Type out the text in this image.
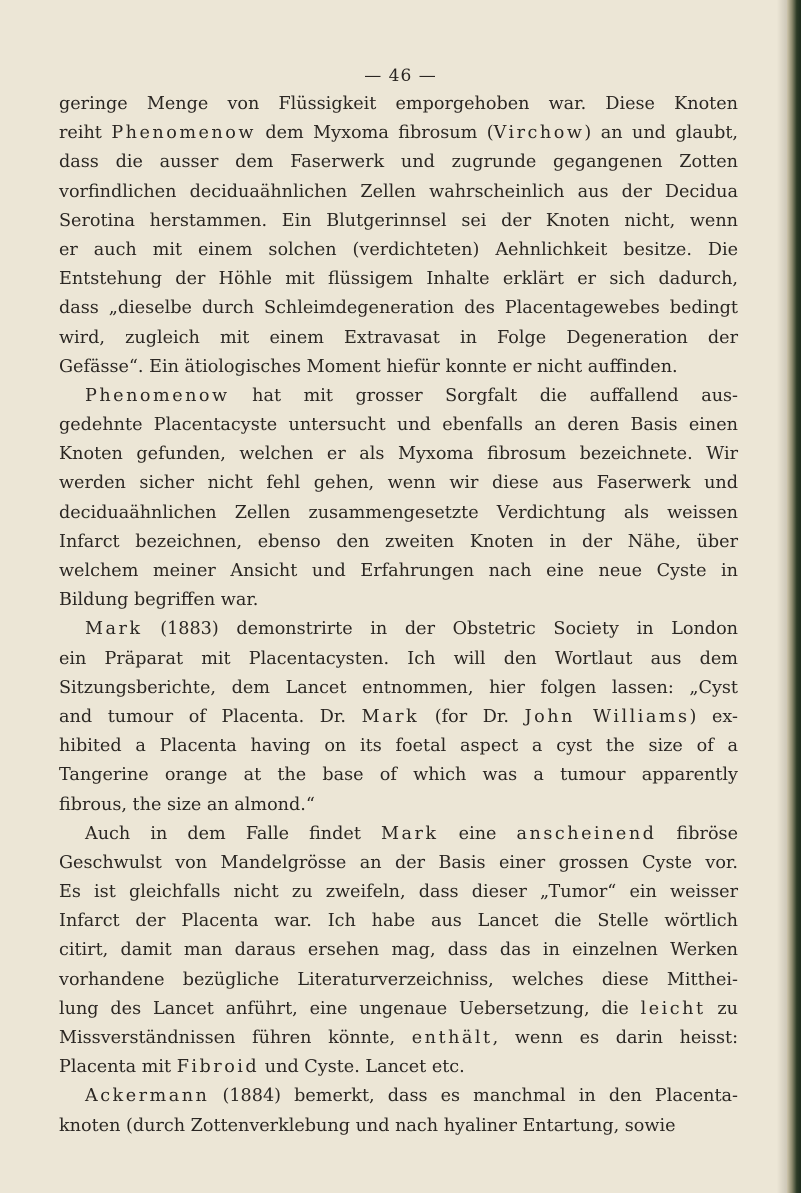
— 46 —
geringe Menge von Flüssigkeit emporgehoben war. Diese Knoten
reiht Phenomenow dem Myxoma fibrosum (Virchow) an und glaubt,
dass die ausser dem Faserwerk und zugrunde gegangenen Zotten
vorfindlichen deciduaähnlichen Zellen wahrscheinlich aus der Decidua
Serotina herstammen. Ein Blutgerinnsel sei der Knoten nicht, wenn
er auch mit einem solchen (verdichteten) Aehnlichkeit besitze. Die
Entstehung der Höhle mit flüssigem Inhalte erklärt er sich dadurch,
dass „dieselbe durch Schleimdegeneration des Placentagewebes bedingt
wird, zugleich mit einem Extravasat in Folge Degeneration der
Gefässe“. Ein ätiologisches Moment hiefür konnte er nicht auffinden.
Phenomenow hat mit grosser Sorgfalt die auffallend aus-
gedehnte Placentacyste untersucht und ebenfalls an deren Basis einen
Knoten gefunden, welchen er als Myxoma fibrosum bezeichnete. Wir
werden sicher nicht fehl gehen, wenn wir diese aus Faserwerk und
deciduaähnlichen Zellen zusammengesetzte Verdichtung als weissen
Infarct bezeichnen, ebenso den zweiten Knoten in der Nähe, über
welchem meiner Ansicht und Erfahrungen nach eine neue Cyste in
Bildung begriffen war.
Mark (1883) demonstrirte in der Obstetric Society in London
ein Präparat mit Placentacysten. Ich will den Wortlaut aus dem
Sitzungsberichte, dem Lancet entnommen, hier folgen lassen: „Cyst
and tumour of Placenta. Dr. Mark (for Dr. John Williams) ex-
hibited a Placenta having on its foetal aspect a cyst the size of a
Tangerine orange at the base of which was a tumour apparently
fibrous, the size an almond.“
Auch in dem Falle findet Mark eine anscheinend fibröse
Geschwulst von Mandelgrösse an der Basis einer grossen Cyste vor.
Es ist gleichfalls nicht zu zweifeln, dass dieser „Tumor“ ein weisser
Infarct der Placenta war. Ich habe aus Lancet die Stelle wörtlich
citirt, damit man daraus ersehen mag, dass das in einzelnen Werken
vorhandene bezügliche Literaturverzeichniss, welches diese Mitthei-
lung des Lancet anführt, eine ungenaue Uebersetzung, die leicht zu
Missverständnissen führen könnte, enthält, wenn es darin heisst:
Placenta mit Fibroid und Cyste. Lancet etc.
Ackermann (1884) bemerkt, dass es manchmal in den Placenta-
knoten (durch Zottenverklebung und nach hyaliner Entartung, sowie
